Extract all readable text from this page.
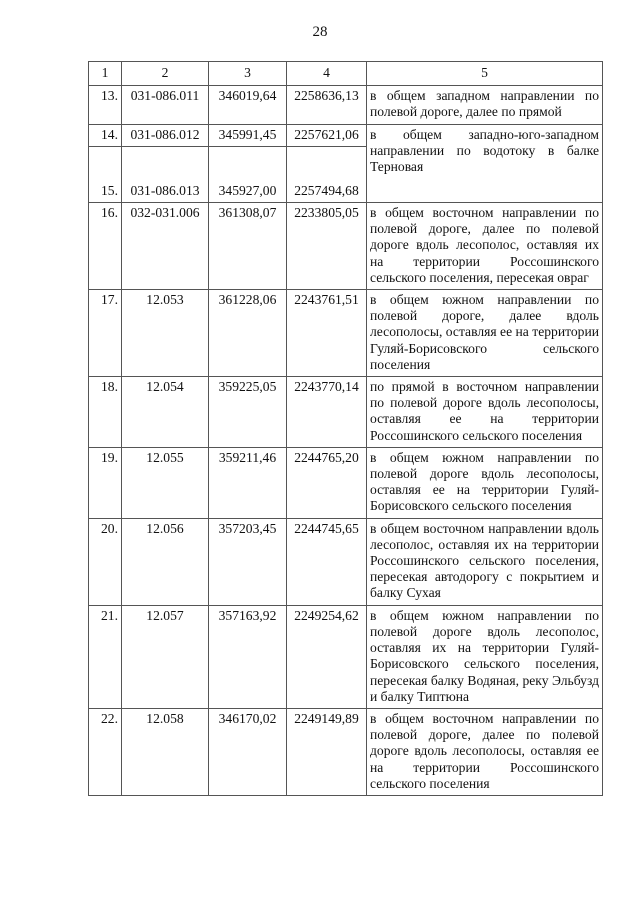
28
1	2	3	4	5
13.	031-086.011	346019,64	2258636,13	в общем западном направлении по полевой дороге, далее по прямой
14.	031-086.012	345991,45	2257621,06	в общем западно-юго-западном направлении по водотоку в балке Терновая
15.	031-086.013	345927,00	2257494,68	
16.	032-031.006	361308,07	2233805,05	в общем восточном направлении по полевой дороге, далее по полевой дороге вдоль лесополос, оставляя их на территории Россошинского сельского поселения, пересекая овраг
17.	12.053	361228,06	2243761,51	в общем южном направлении по полевой дороге, далее вдоль лесополосы, оставляя ее на территории Гуляй-Борисовского сельского поселения
18.	12.054	359225,05	2243770,14	по прямой в восточном направлении по полевой дороге вдоль лесополосы, оставляя ее на территории Россошинского сельского поселения
19.	12.055	359211,46	2244765,20	в общем южном направлении по полевой дороге вдоль лесополосы, оставляя ее на территории Гуляй-Борисовского сельского поселения
20.	12.056	357203,45	2244745,65	в общем восточном направлении вдоль лесополос, оставляя их на территории Россошинского сельского поселения, пересекая автодорогу с покрытием и балку Сухая
21.	12.057	357163,92	2249254,62	в общем южном направлении по полевой дороге вдоль лесополос, оставляя их на территории Гуляй-Борисовского сельского поселения, пересекая балку Водяная, реку Эльбузд и балку Типтюна
22.	12.058	346170,02	2249149,89	в общем восточном направлении по полевой дороге, далее по полевой дороге вдоль лесополосы, оставляя ее на территории Россошинского сельского поселения
